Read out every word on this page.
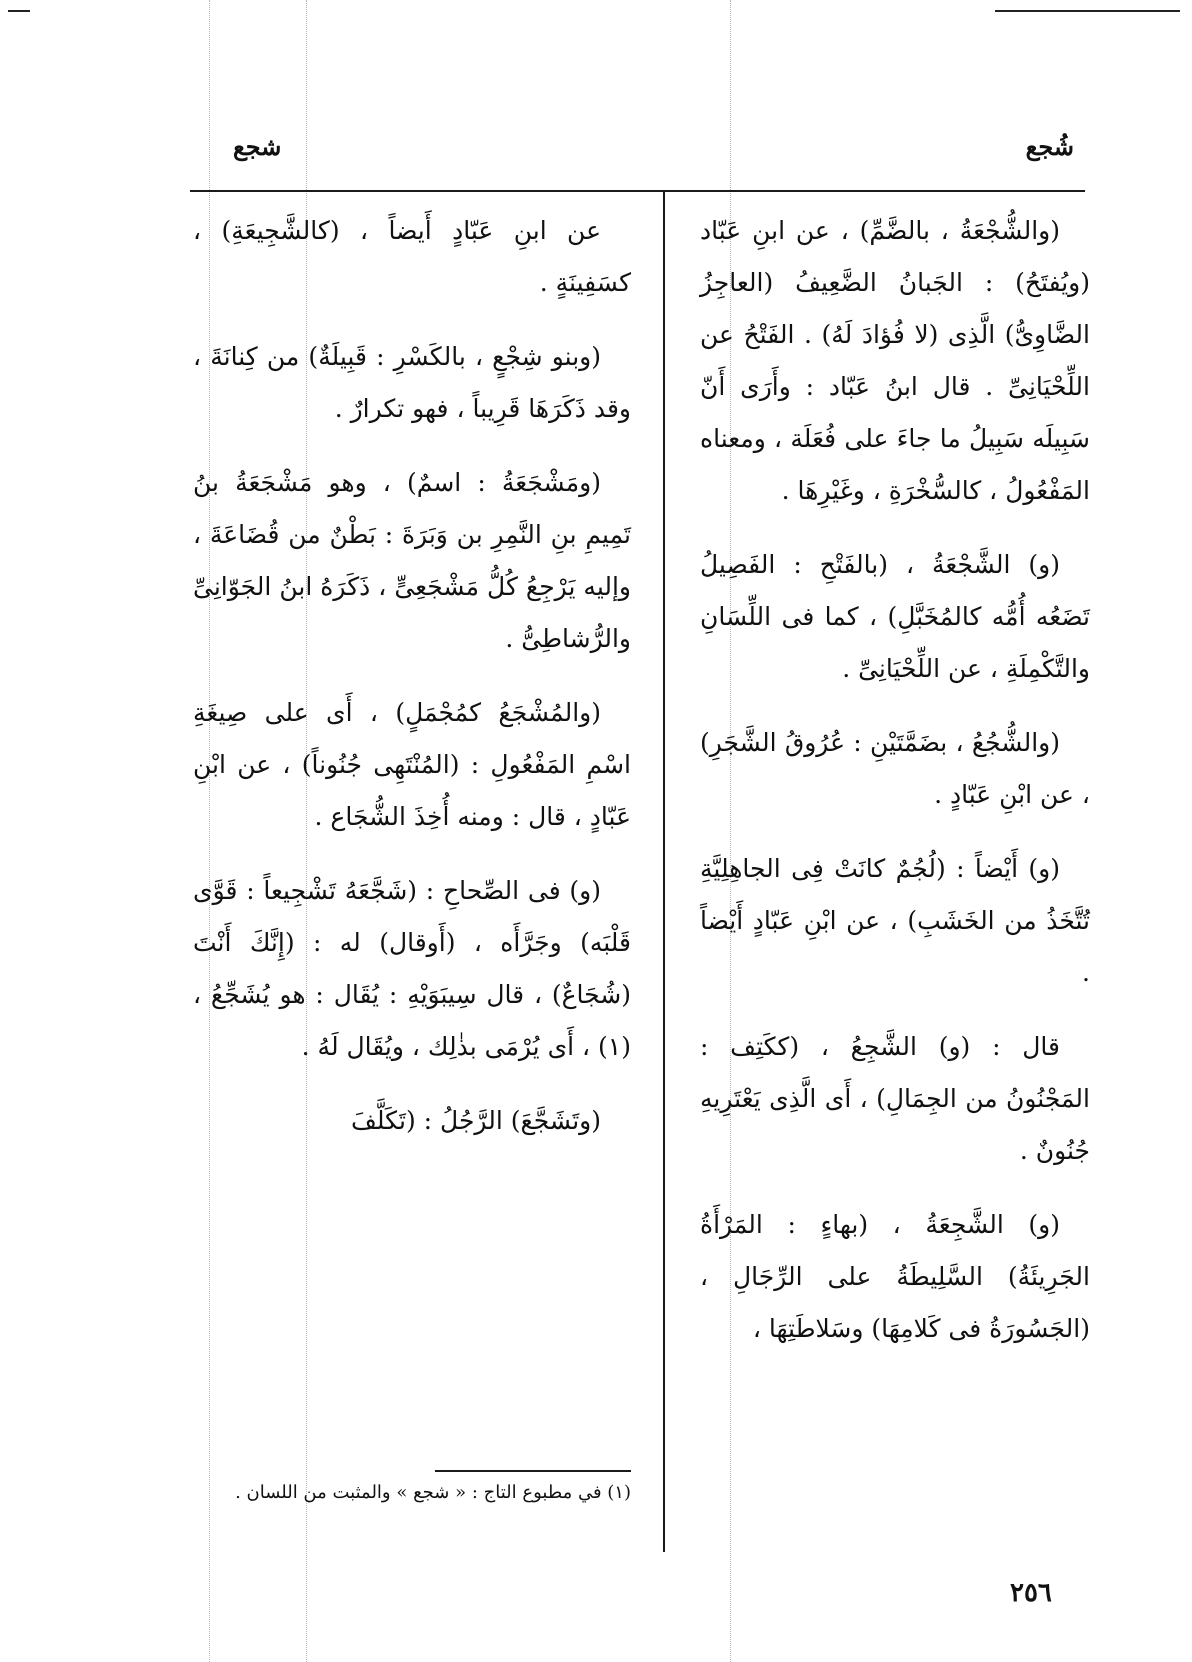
شُجع
شجع

(والشُّجْعَةُ ، بالضَّمِّ) ، عن ابنِ عَبّاد (ويُفتَحُ) : الجَبانُ الضَّعِيفُ (العاجِزُ الضَّاوِىُّ) الَّذِى (لا فُؤادَ لَهُ) . الفَتْحُ عن اللِّحْيَانِىِّ . قال ابنُ عَبّاد : وأَرَى أَنّ سَبِيلَه سَبِيلُ ما جاءَ على فُعَلَة ، ومعناه المَفْعُولُ ، كالسُّخْرَةِ ، وغَيْرِهَا .

(و) الشَّجْعَةُ ، (بالفَتْحِ : الفَصِيلُ تَضَعُه أُمُّه كالمُخَبَّلِ) ، كما فى اللِّسَانِ والتَّكْمِلَةِ ، عن اللِّحْيَانِىِّ .

(والشُّجُعُ ، بضَمَّتَيْنِ : عُرُوقُ الشَّجَرِ) ، عن ابْنِ عَبّادٍ .

(و) أَيْضاً : (لُجُمٌ كانَتْ فِى الجاهِلِيَّةِ تُتَّخَذُ من الخَشَبِ) ، عن ابْنِ عَبّادٍ أَيْضاً .

قال : (و) الشَّجِعُ ، (ككَتِف : المَجْنُونُ من الجِمَالِ) ، أَى الَّذِى يَعْتَرِيهِ جُنُونٌ .

(و) الشَّجِعَةُ ، (بهاءٍ : المَرْأَةُ الجَرِيئَةُ) السَّلِيطَةُ على الرِّجَالِ ، (الجَسُورَةُ فى كَلامِهَا) وسَلاطَتِهَا ،

عن ابنِ عَبّادٍ أَيضاً ، (كالشَّجِيعَةِ) ، كسَفِينَةٍ .

(وبنو شِجْعٍ ، بالكَسْرِ : قَبِيلَةٌ) من كِنانَةَ ، وقد ذَكَرَهَا قَرِيباً ، فهو تكرارٌ .

(ومَشْجَعَةُ : اسمٌ) ، وهو مَشْجَعَةُ بنُ تَمِيمِ بنِ النَّمِرِ بن وَبَرَةَ : بَطْنٌ من قُضَاعَةَ ، وإليه يَرْجِعُ كُلُّ مَشْجَعِىٍّ ، ذَكَرَهُ ابنُ الجَوّانِىِّ والرُّشاطِىُّ .

(والمُشْجَعُ كمُجْمَلٍ) ، أَى على صِيغَةِ اسْمِ المَفْعُولِ : (المُنْتَهِى جُنُوناً) ، عن ابْنِ عَبّادٍ ، قال : ومنه أُخِذَ الشُّجَاع .

(و) فى الصِّحاحِ : (شَجَّعَهُ تَشْجِيعاً : قَوَّى قَلْبَه) وجَرَّأَه ، (أَوقال) له : (إِنَّكَ أَنْتَ (شُجَاعٌ) ، قال سِيبَوَيْهِ : يُقَال : هو يُشَجِّعُ ، (١) ، أَى يُرْمَى بذٰلِك ، ويُقَال لَهُ .

(وتَشَجَّعَ) الرَّجُلُ : (تَكَلَّفَ

(١) في مطبوع التاج : « شجع » والمثبت من اللسان .
٢٥٦
